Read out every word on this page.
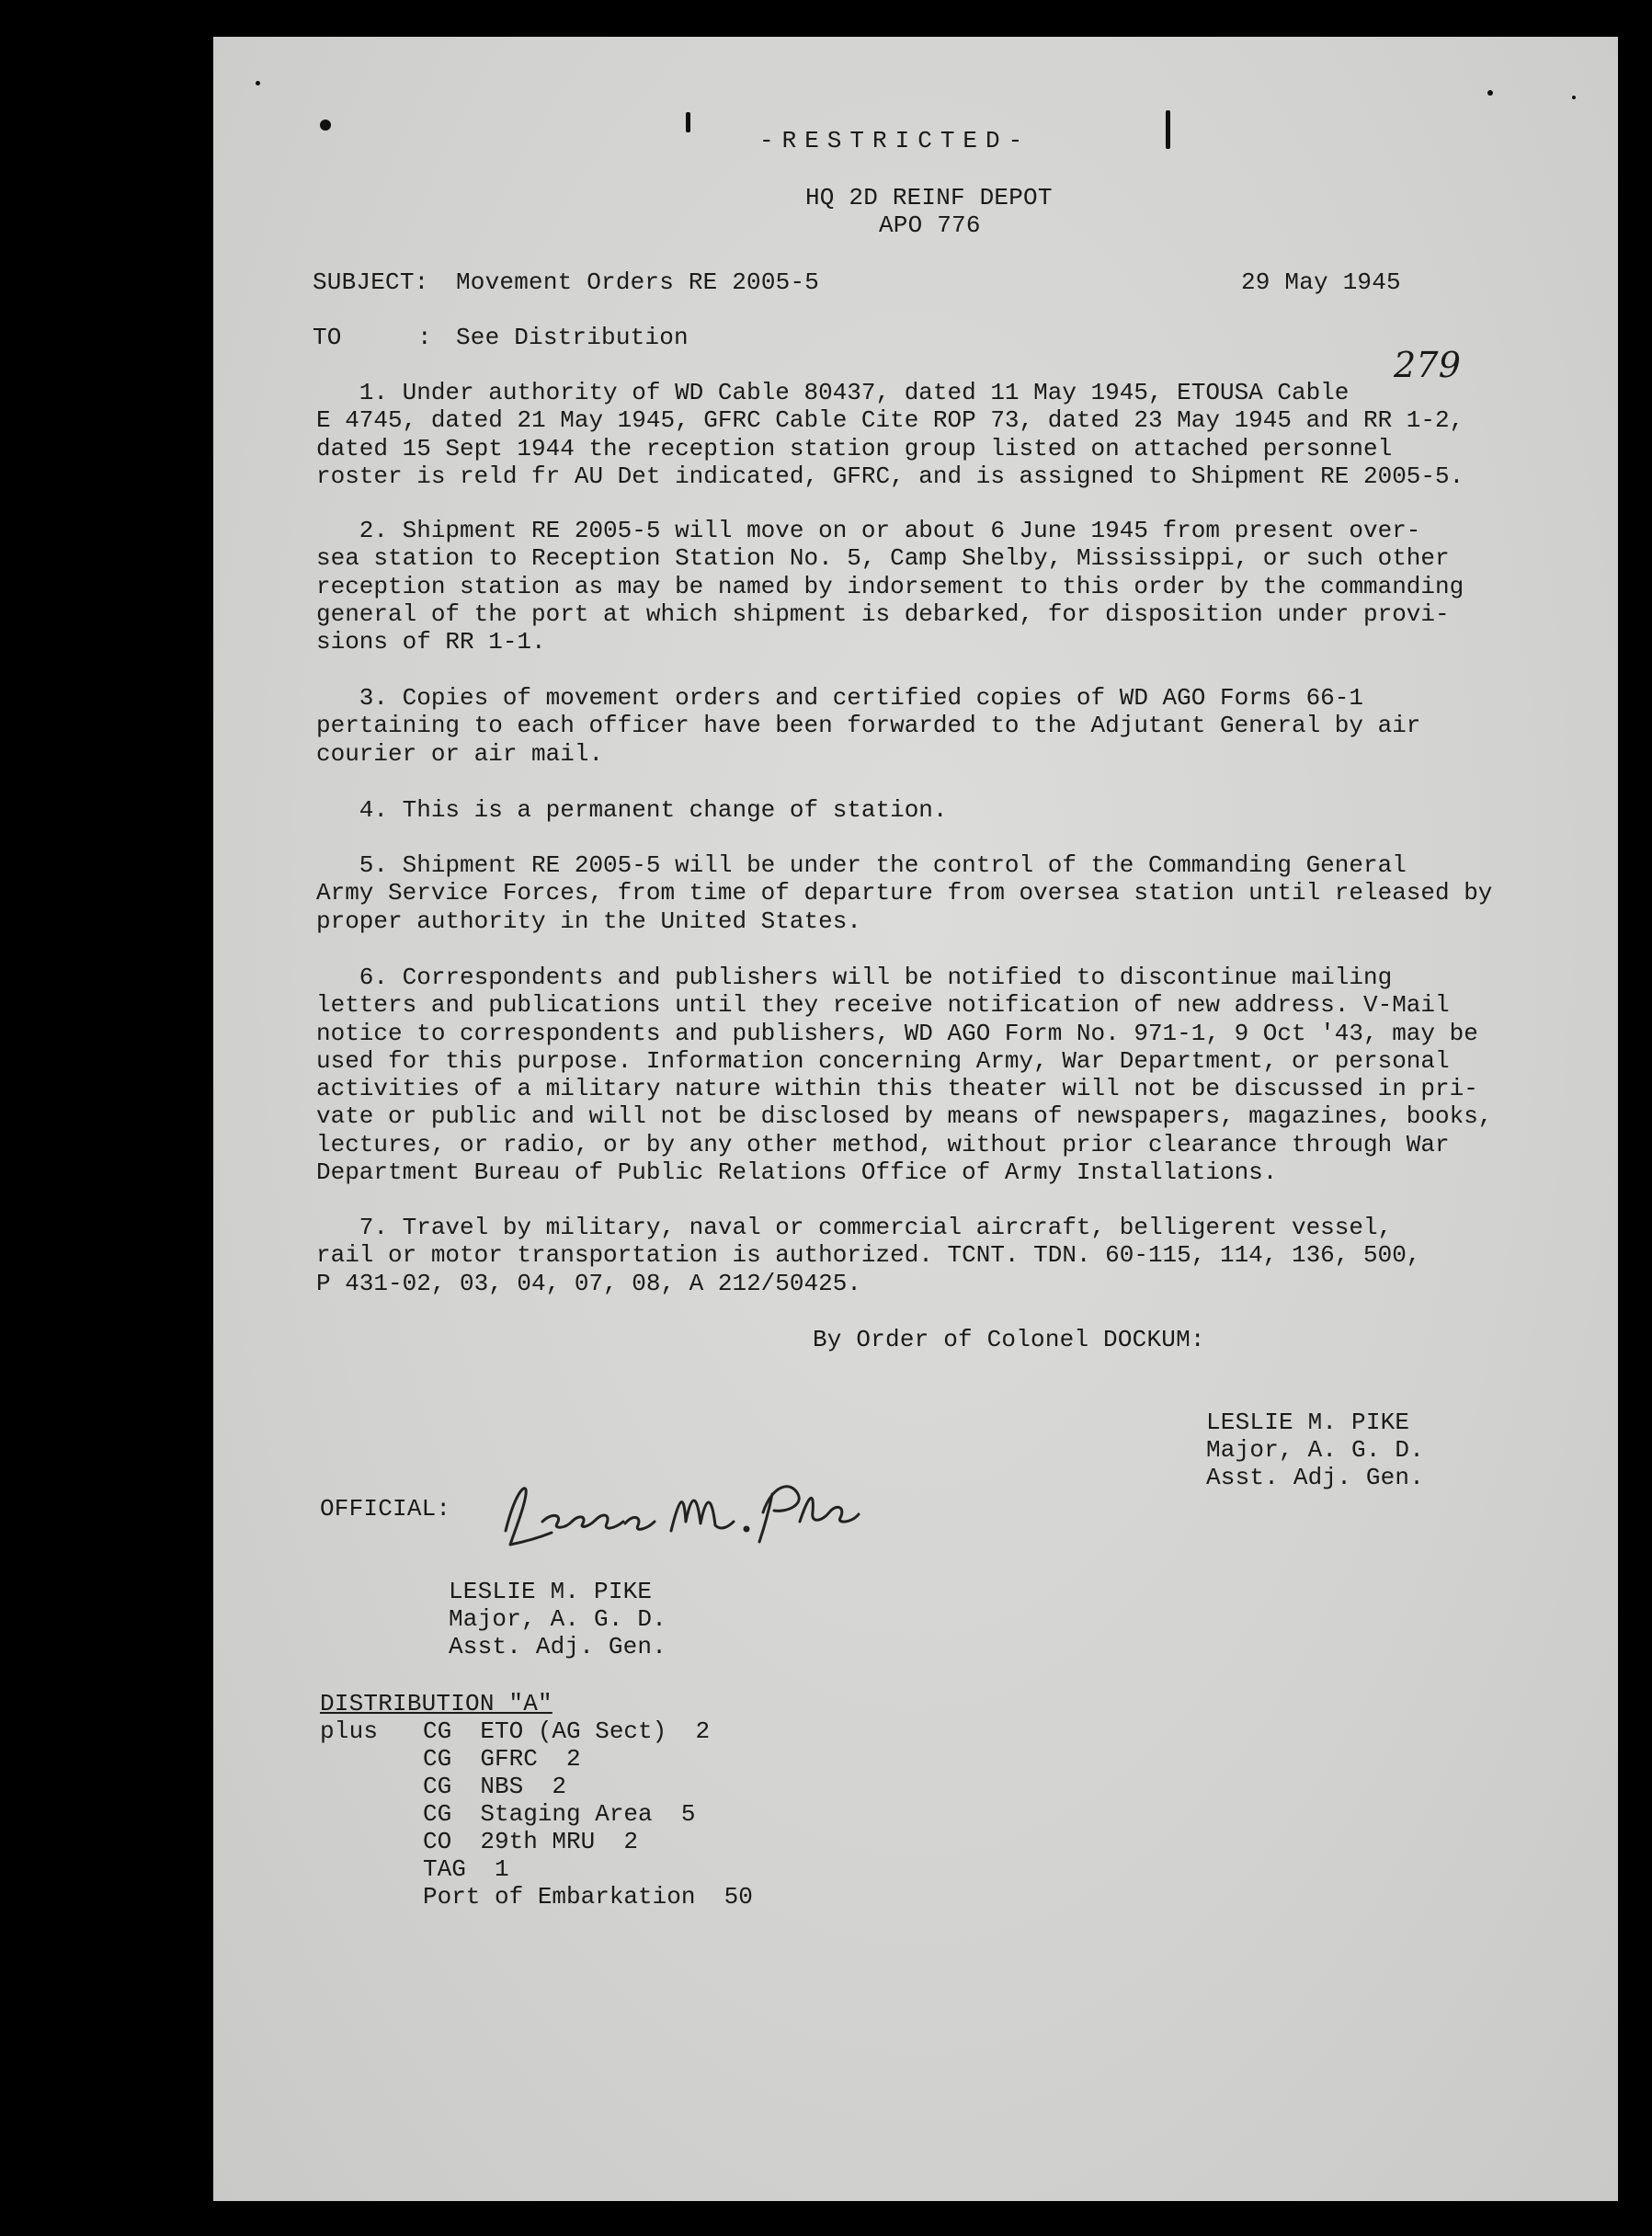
-RESTRICTED-
HQ 2D REINF DEPOT
APO 776
SUBJECT: Movement Orders RE 2005-5	29 May 1945
TO	: See Distribution
279
1. Under authority of WD Cable 80437, dated 11 May 1945, ETOUSA Cable
E 4745, dated 21 May 1945, GFRC Cable Cite ROP 73, dated 23 May 1945 and RR 1-2,
dated 15 Sept 1944 the reception station group listed on attached personnel
roster is reld fr AU Det indicated, GFRC, and is assigned to Shipment RE 2005-5.
2. Shipment RE 2005-5 will move on or about 6 June 1945 from present over-
sea station to Reception Station No. 5, Camp Shelby, Mississippi, or such other
reception station as may be named by indorsement to this order by the commanding
general of the port at which shipment is debarked, for disposition under provi-
sions of RR 1-1.
3. Copies of movement orders and certified copies of WD AGO Forms 66-1
pertaining to each officer have been forwarded to the Adjutant General by air
courier or air mail.
4. This is a permanent change of station.
5. Shipment RE 2005-5 will be under the control of the Commanding General
Army Service Forces, from time of departure from oversea station until released by
proper authority in the United States.
6. Correspondents and publishers will be notified to discontinue mailing
letters and publications until they receive notification of new address. V-Mail
notice to correspondents and publishers, WD AGO Form No. 971-1, 9 Oct '43, may be
used for this purpose. Information concerning Army, War Department, or personal
activities of a military nature within this theater will not be discussed in pri-
vate or public and will not be disclosed by means of newspapers, magazines, books,
lectures, or radio, or by any other method, without prior clearance through War
Department Bureau of Public Relations Office of Army Installations.
7. Travel by military, naval or commercial aircraft, belligerent vessel,
rail or motor transportation is authorized. TCNT. TDN. 60-115, 114, 136, 500,
P 431-02, 03, 04, 07, 08, A 212/50425.
By Order of Colonel DOCKUM:
LESLIE M. PIKE
Major, A. G. D.
Asst. Adj. Gen.
OFFICIAL:
LESLIE M. PIKE
Major, A. G. D.
Asst. Adj. Gen.
DISTRIBUTION "A"
plus CG  ETO (AG Sect)  2
CG  GFRC  2
CG  NBS  2
CG  Staging Area  5
CO  29th MRU  2
TAG  1
Port of Embarkation  50
